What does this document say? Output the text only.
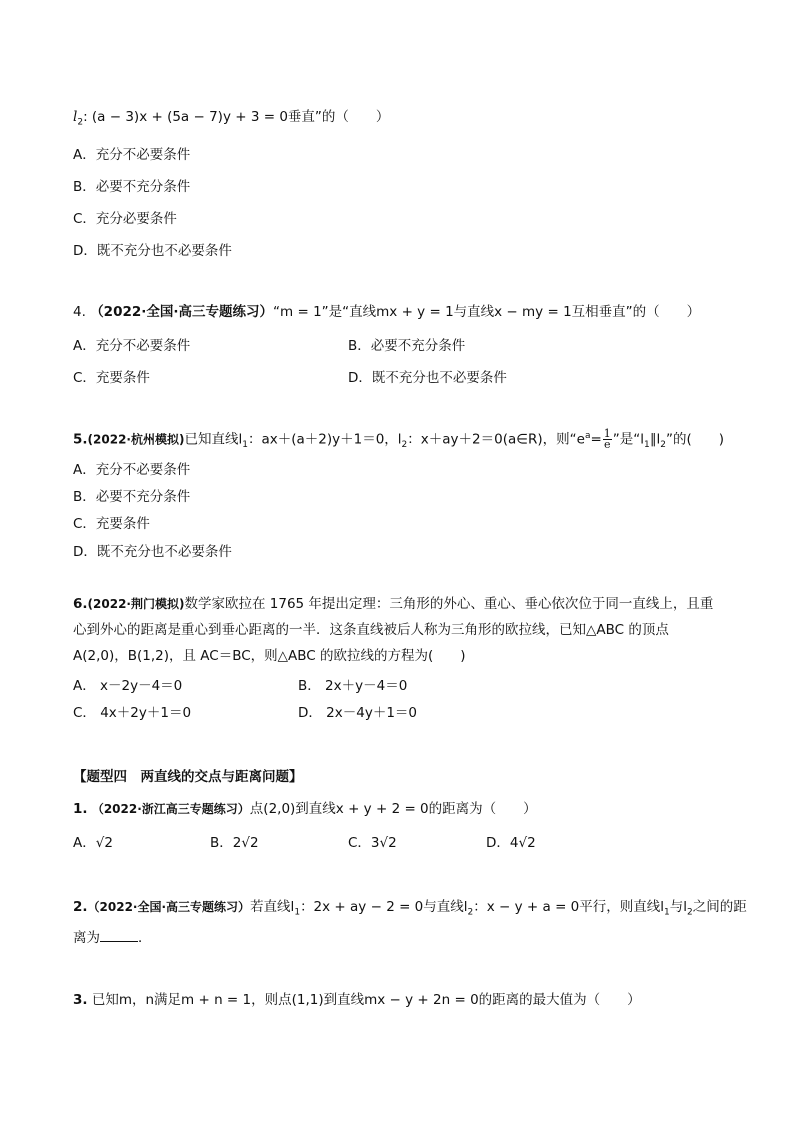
$l_2$: (a − 3)x + (5a − 7)y + 3 = 0垂直”的（　　）
A．充分不必要条件
B．必要不充分条件
C．充分必要条件
D．既不充分也不必要条件
4. （2022·全国·高三专题练习）“m = 1”是“直线mx + y = 1与直线x − my = 1互相垂直”的（　　）
A．充分不必要条件	B．必要不充分条件
C．充要条件	D．既不充分也不必要条件
5.(2022·杭州模拟)已知直线$l_1$：ax＋(a＋2)y＋1＝0，$l_2$：x＋ay＋2＝0(a∈R)，则“$e^a= \frac{1}{e}$ ”是“$l_1\parallel l_2$”的(　　)
A．充分不必要条件
B．必要不充分条件
C．充要条件
D．既不充分也不必要条件
6.(2022·荆门模拟)数学家欧拉在 1765 年提出定理：三角形的外心、重心、垂心依次位于同一直线上，且重
心到外心的距离是重心到垂心距离的一半．这条直线被后人称为三角形的欧拉线，已知△ABC 的顶点
A(2,0)，B(1,2)，且 AC＝BC，则△ABC 的欧拉线的方程为(　　)
A． x－2y－4＝0	B． 2x＋y－4＝0
C． 4x＋2y＋1＝0	D． 2x－4y＋1＝0
【题型四　两直线的交点与距离问题】
1. （2022·浙江高三专题练习）点(2,0)到直线x + y + 2 = 0的距离为（　　）
A．√2	B．2√2	C．3√2	D．4√2
2.（2022·全国·高三专题练习）若直线$l_1$：2x + ay − 2 = 0与直线$l_2$：x − y + a = 0平行，则直线$l_1$与$l_2$之间的距
离为	．
3. 已知m，n满足m + n = 1，则点(1,1)到直线mx − y + 2n = 0的距离的最大值为（　　）
